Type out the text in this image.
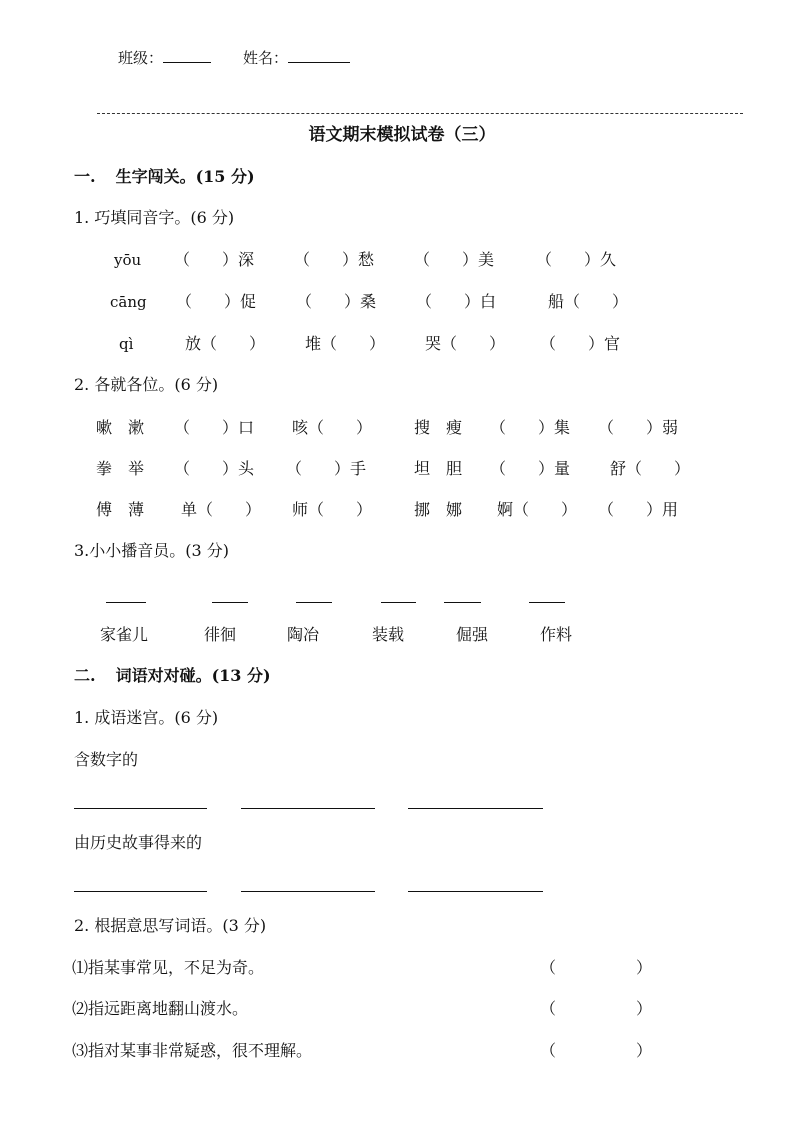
班级：	姓名：
语文期末模拟试卷（三）
一. 生字闯关。(15 分)
1. 巧填同音字。(6 分)
yōu （　　）深 （　　）愁 （　　）美	（　　）久
cāng （　　）促 （　　）桑 （　　）白	船（　　）
qì	放（　　） 堆（　　） 哭（　　） （　　）官
2. 各就各位。(6 分)
嗽　漱 （　　）口 咳（　　）	搜　瘦 （　　）集 （　　）弱
拳　举 （　　）头 （　　）手	坦　胆 （　　）量 舒（　　）
傅　薄 单（　　） 师（　　）	挪　娜 婀（　　） （　　）用
3.小小播音员。(3 分)
家雀儿	徘徊	陶冶	装载	倔强	作料
二. 词语对对碰。(13 分)
1. 成语迷宫。(6 分)
含数字的
由历史故事得来的
2. 根据意思写词语。(3 分)
⑴指某事常见，不足为奇。	（　　　　　）
⑵指远距离地翻山渡水。	（　　　　　）
⑶指对某事非常疑惑，很不理解。	（　　　　　）
